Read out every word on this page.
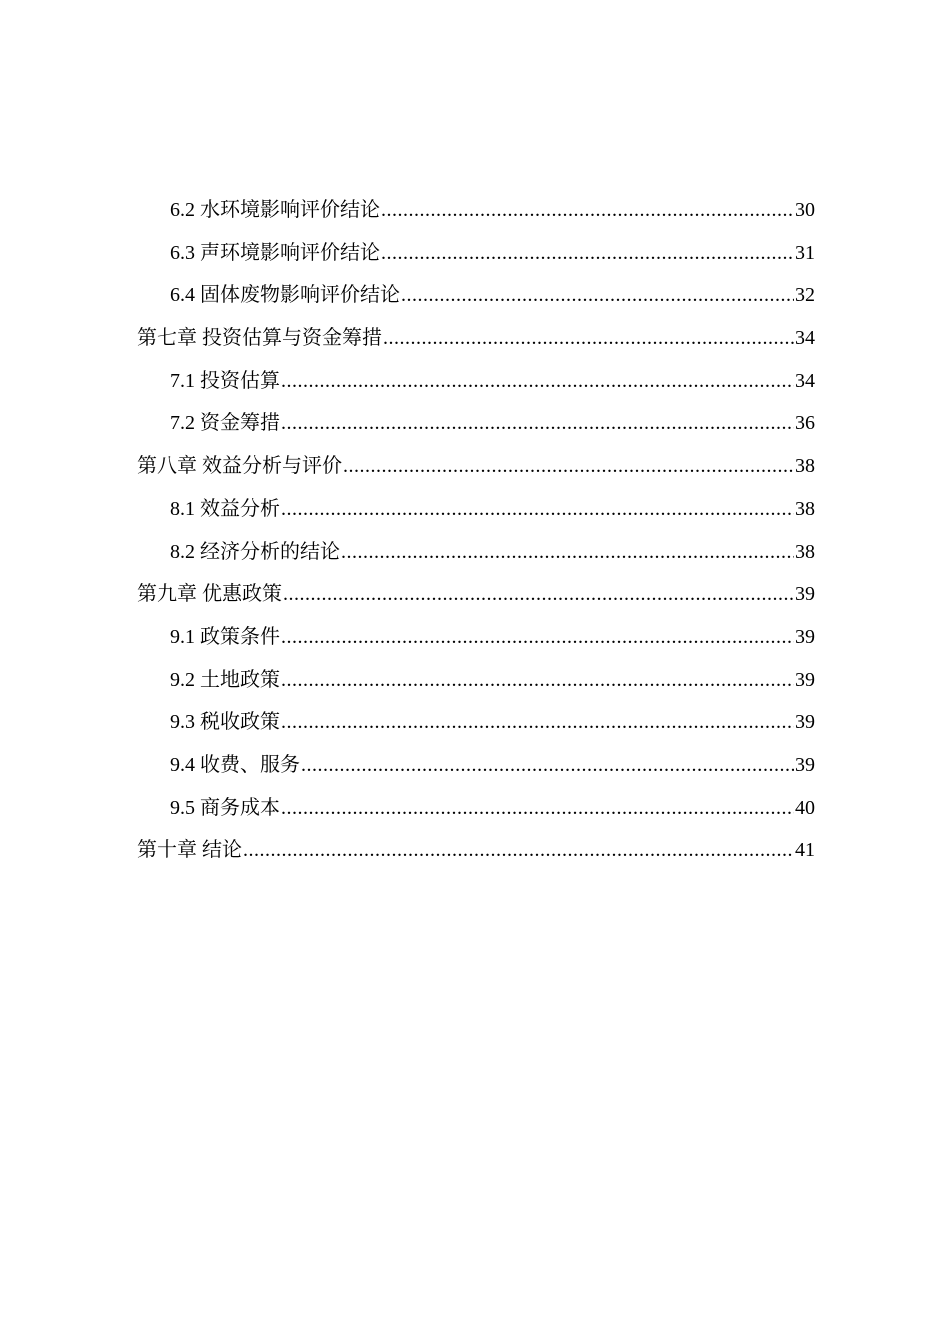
6.2 水环境影响评价结论 .....	30
6.3 声环境影响评价结论 .....	31
6.4 固体废物影响评价结论 .....	32
第七章 投资估算与资金筹措 .....	34
7.1 投资估算 .....	34
7.2 资金筹措 .....	36
第八章 效益分析与评价 .....	38
8.1 效益分析 .....	38
8.2 经济分析的结论 .....	38
第九章 优惠政策 .....	39
9.1 政策条件 .....	39
9.2 土地政策 .....	39
9.3 税收政策 .....	39
9.4 收费、服务 .....	39
9.5 商务成本 .....	40
第十章 结论 .....	41
